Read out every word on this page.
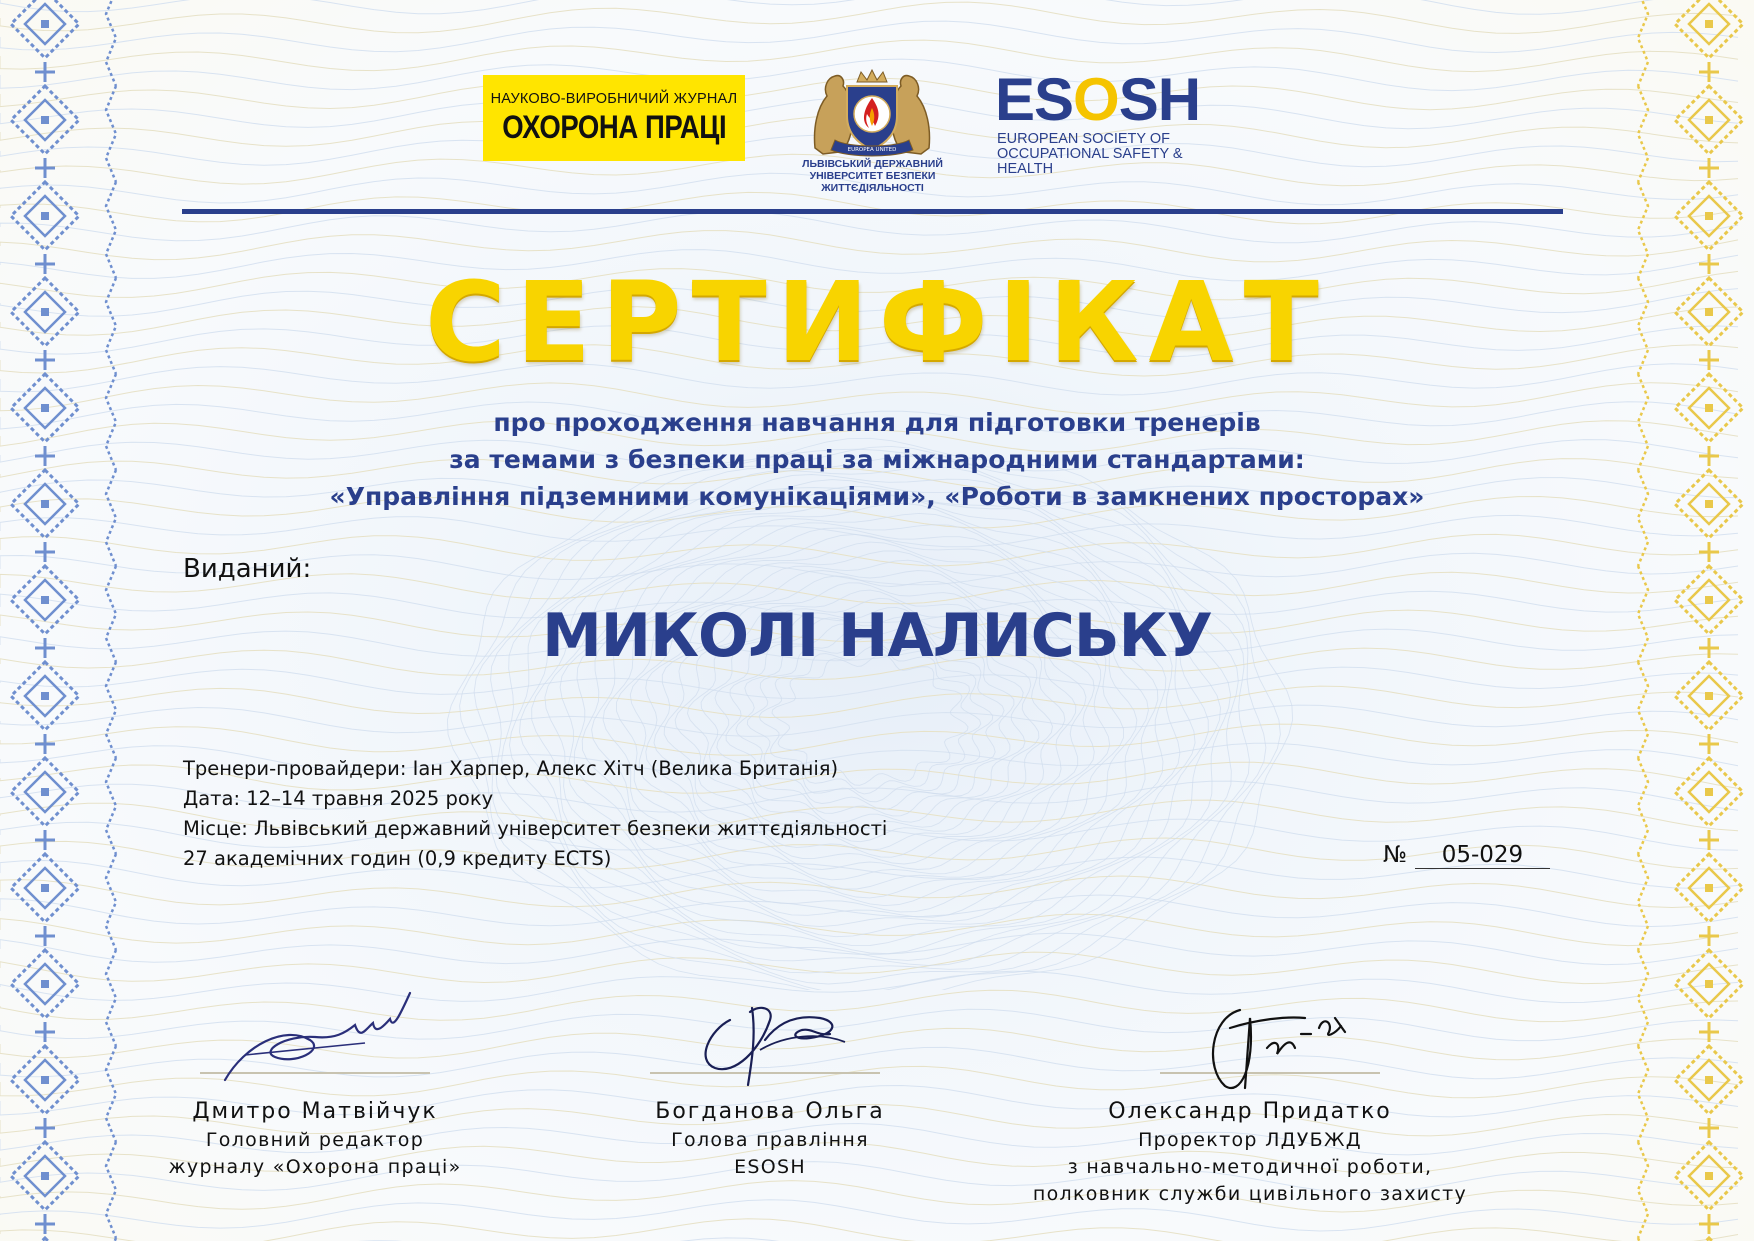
НАУКОВО-ВИРОБНИЧИЙ ЖУРНАЛ
ОХОРОНА ПРАЦІ
EUROPEA UNITED
ЛЬВІВСЬКИЙ ДЕРЖАВНИЙ
УНІВЕРСИТЕТ БЕЗПЕКИ
ЖИТТЄДІЯЛЬНОСТІ
ESOSH
EUROPEAN SOCIETY OF
OCCUPATIONAL SAFETY & HEALTH
СЕРТИФІКАТ
про проходження навчання для підготовки тренерів
за темами з безпеки праці за міжнародними стандартами:
«Управління підземними комунікаціями», «Роботи в замкнених просторах»
Виданий:
МИКОЛІ НАЛИСЬКУ
Тренери-провайдери: Іан Харпер, Алекс Хітч (Велика Британія)
Дата: 12–14 травня 2025 року
Місце: Львівський державний університет безпеки життєдіяльності
27 академічних годин (0,9 кредиту ECTS)	№ 05-029
Дмитро Матвійчук
Головний редактор
журналу «Охорона праці»
Богданова Ольга
Голова правління
ESOSH
Олександр Придатко
Проректор ЛДУБЖД
з навчально-методичної роботи,
полковник служби цивільного захисту
